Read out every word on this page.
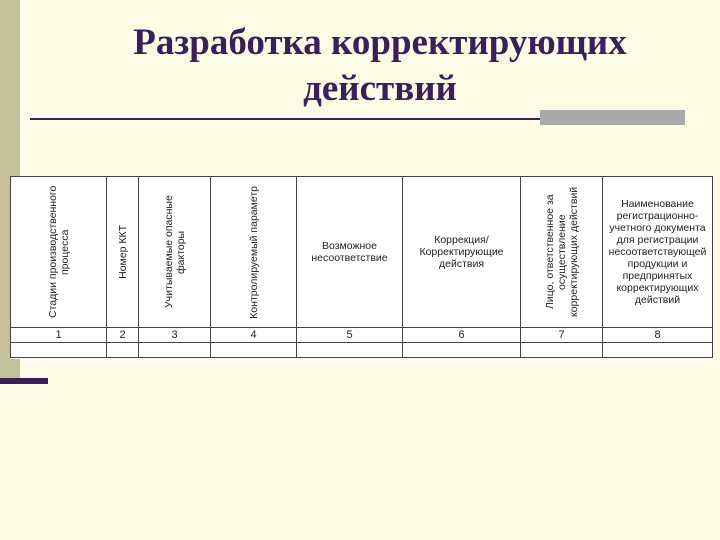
Разработка корректирующих
действий
Стадии производственного процесса	Номер ККТ	Учитываемые опасные факторы	Контролируемый параметр	Возможное несоответствие	Коррекция/Корректирующие действия	Лицо, ответственное за осуществление корректирующих действий	Наименование регистрационно-учетного документа для регистрации несоответствующей продукции и предпринятых корректирующих действий

1	2	3	4	5	6	7	8
